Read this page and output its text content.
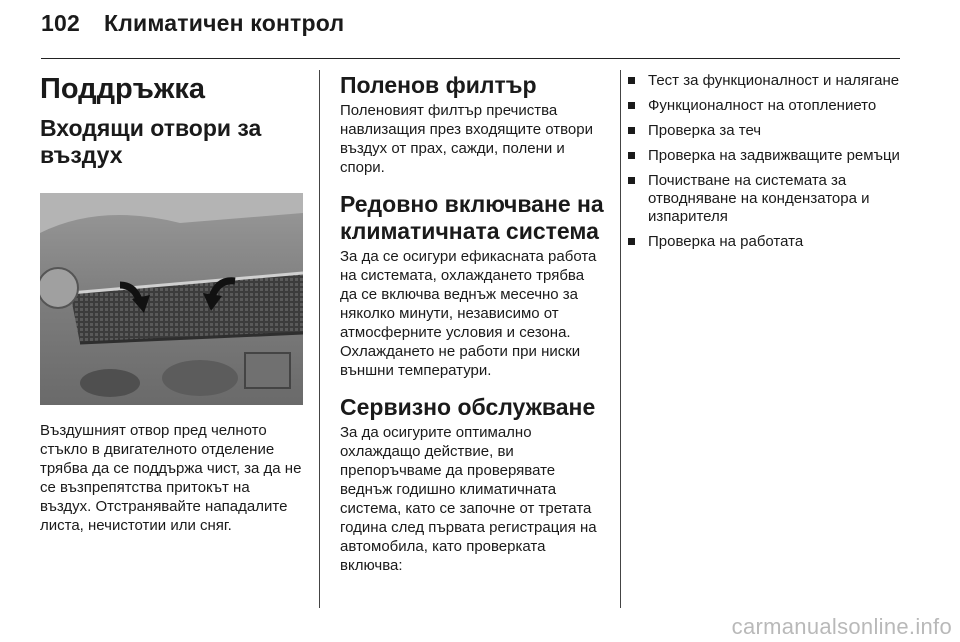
102 Климатичен контрол
Поддръжка
Входящи отвори за въздух

Въздушният отвор пред челното стъкло в двигателното отделение трябва да се поддържа чист, за да не се възпрепятства притокът на въздух. Отстранявайте нападалите листа, нечистотии или сняг.

Поленов филтър

Поленовият филтър пречиства навлизащия през входящите отвори въздух от прах, сажди, полени и спори.

Редовно включване на климатичната система

За да се осигури ефикасната работа на системата, охлаждането трябва да се включва веднъж месечно за няколко минути, независимо от атмосферните условия и сезона. Охлаждането не работи при ниски външни температури.

Сервизно обслужване

За да осигурите оптимално охлаждащо действие, ви препоръчваме да проверявате веднъж годишно климатичната система, като се започне от третата година след първата регистрация на автомобила, като проверката включва:

Тест за функционалност и налягане
Функционалност на отоплението
Проверка за теч
Проверка на задвижващите ремъци
Почистване на системата за отводняване на кондензатора и изпарителя
Проверка на работата
carmanualsonline.info
